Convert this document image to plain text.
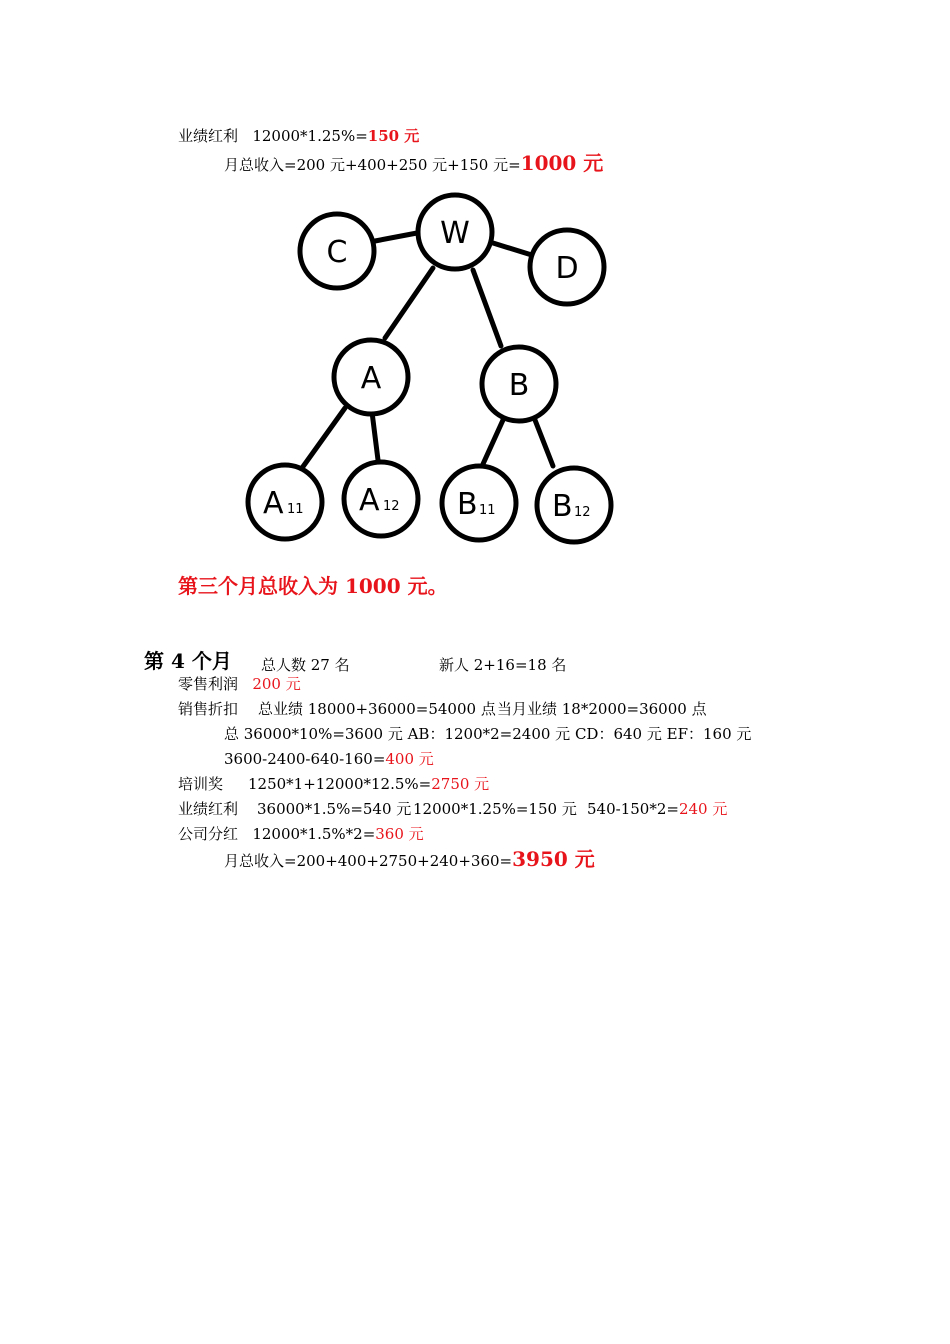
业绩红利 12000*1.25%=150 元
月总收入=200 元+400+250 元+150 元=1000 元
W
C	D
A	B
A 11 A 12 B 11 B 12
第三个月总收入为 1000 元。
第 4 个月 总人数 27 名	新人 2+16=18 名
零售利润 200 元
销售折扣 总业绩 18000+36000=54000 点 当月业绩 18*2000=36000 点
总 36000*10%=3600 元 AB：1200*2=2400 元 CD：640 元 EF：160 元
3600-2400-640-160=400 元
培训奖 1250*1+12000*12.5%=2750 元
业绩红利 36000*1.5%=540 元 12000*1.25%=150 元 540-150*2=240 元
公司分红 12000*1.5%*2=360 元
月总收入=200+400+2750+240+360=3950 元
